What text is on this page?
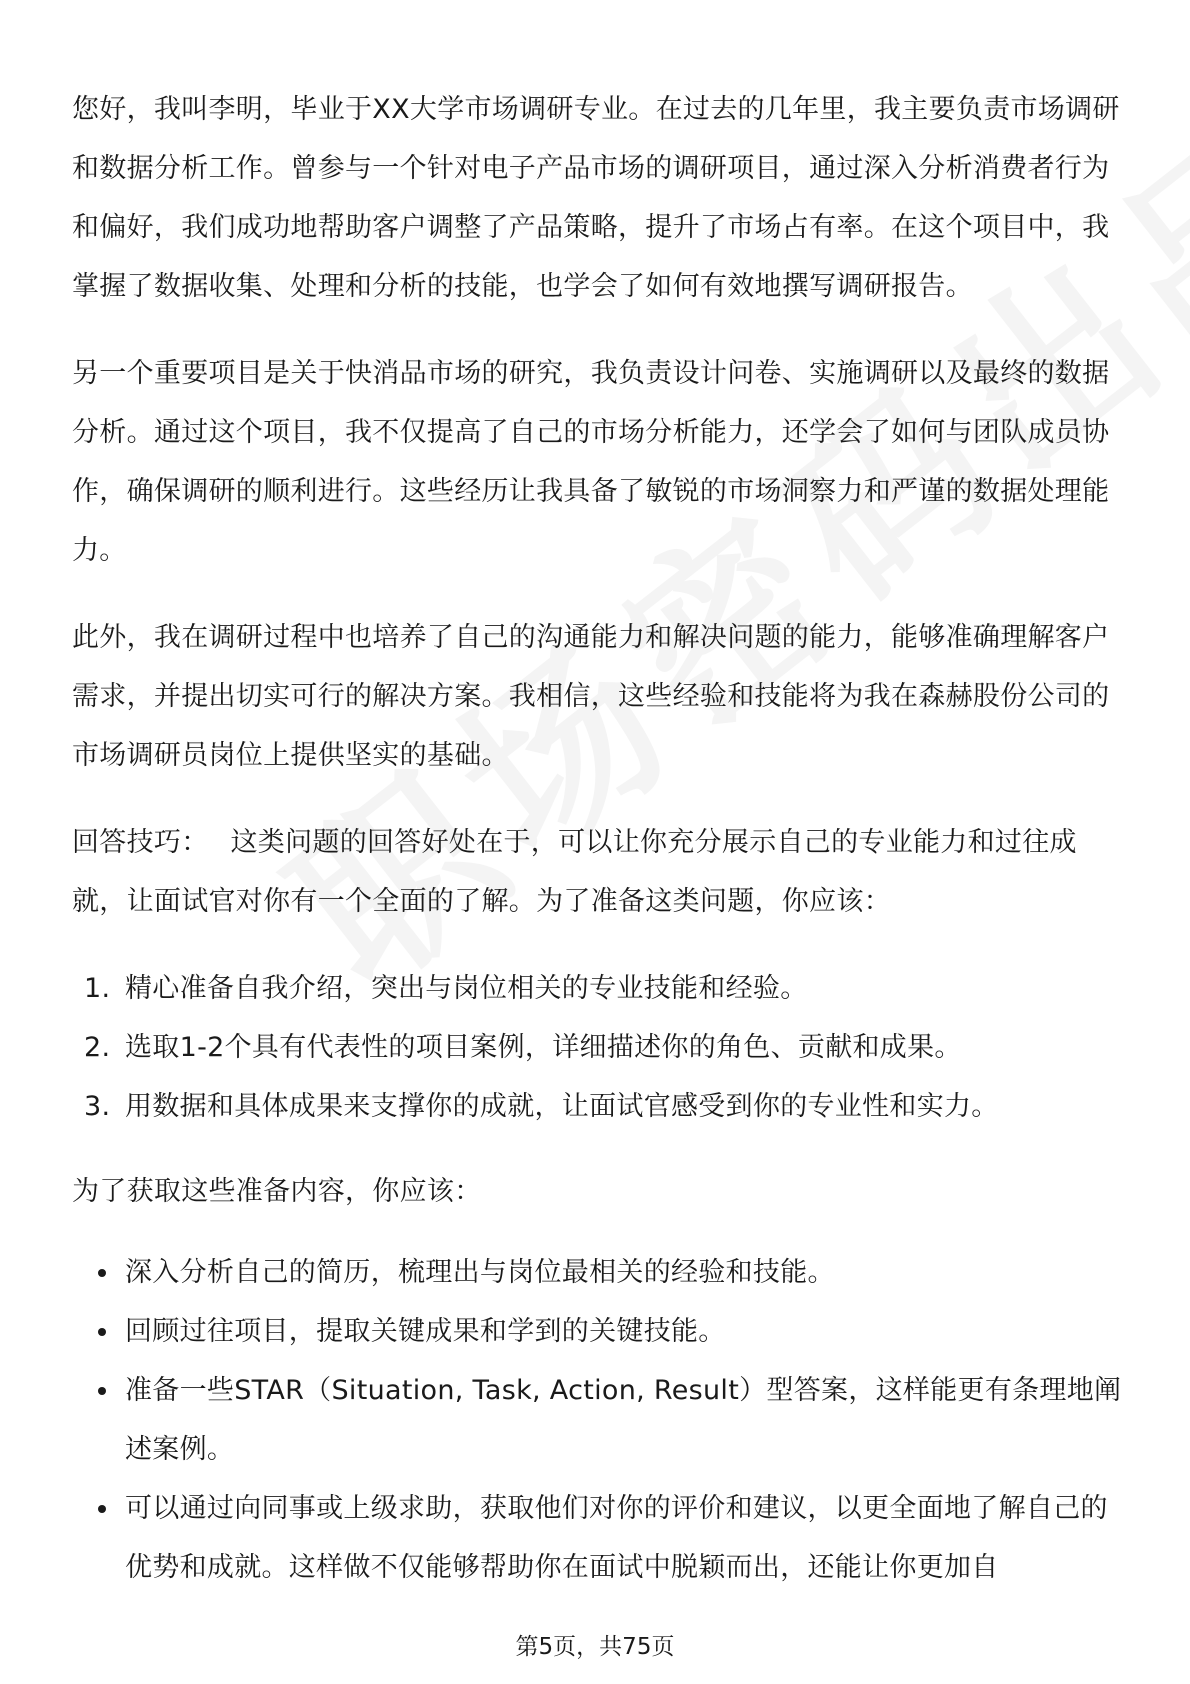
您好，我叫李明，毕业于XX大学市场调研专业。在过去的几年里，我主要负责市场调研和数据分析工作。曾参与一个针对电子产品市场的调研项目，通过深入分析消费者行为和偏好，我们成功地帮助客户调整了产品策略，提升了市场占有率。在这个项目中，我掌握了数据收集、处理和分析的技能，也学会了如何有效地撰写调研报告。

另一个重要项目是关于快消品市场的研究，我负责设计问卷、实施调研以及最终的数据分析。通过这个项目，我不仅提高了自己的市场分析能力，还学会了如何与团队成员协作，确保调研的顺利进行。这些经历让我具备了敏锐的市场洞察力和严谨的数据处理能力。

此外，我在调研过程中也培养了自己的沟通能力和解决问题的能力，能够准确理解客户需求，并提出切实可行的解决方案。我相信，这些经验和技能将为我在森赫股份公司的市场调研员岗位上提供坚实的基础。

回答技巧： 这类问题的回答好处在于，可以让你充分展示自己的专业能力和过往成就，让面试官对你有一个全面的了解。为了准备这类问题，你应该：

1. 精心准备自我介绍，突出与岗位相关的专业技能和经验。
2. 选取1-2个具有代表性的项目案例，详细描述你的角色、贡献和成果。
3. 用数据和具体成果来支撑你的成就，让面试官感受到你的专业性和实力。

为了获取这些准备内容，你应该：

深入分析自己的简历，梳理出与岗位最相关的经验和技能。
回顾过往项目，提取关键成果和学到的关键技能。
准备一些STAR（Situation, Task, Action, Result）型答案，这样能更有条理地阐述案例。
可以通过向同事或上级求助，获取他们对你的评价和建议，以更全面地了解自己的优势和成就。这样做不仅能够帮助你在面试中脱颖而出，还能让你更加自
第5页，共75页
